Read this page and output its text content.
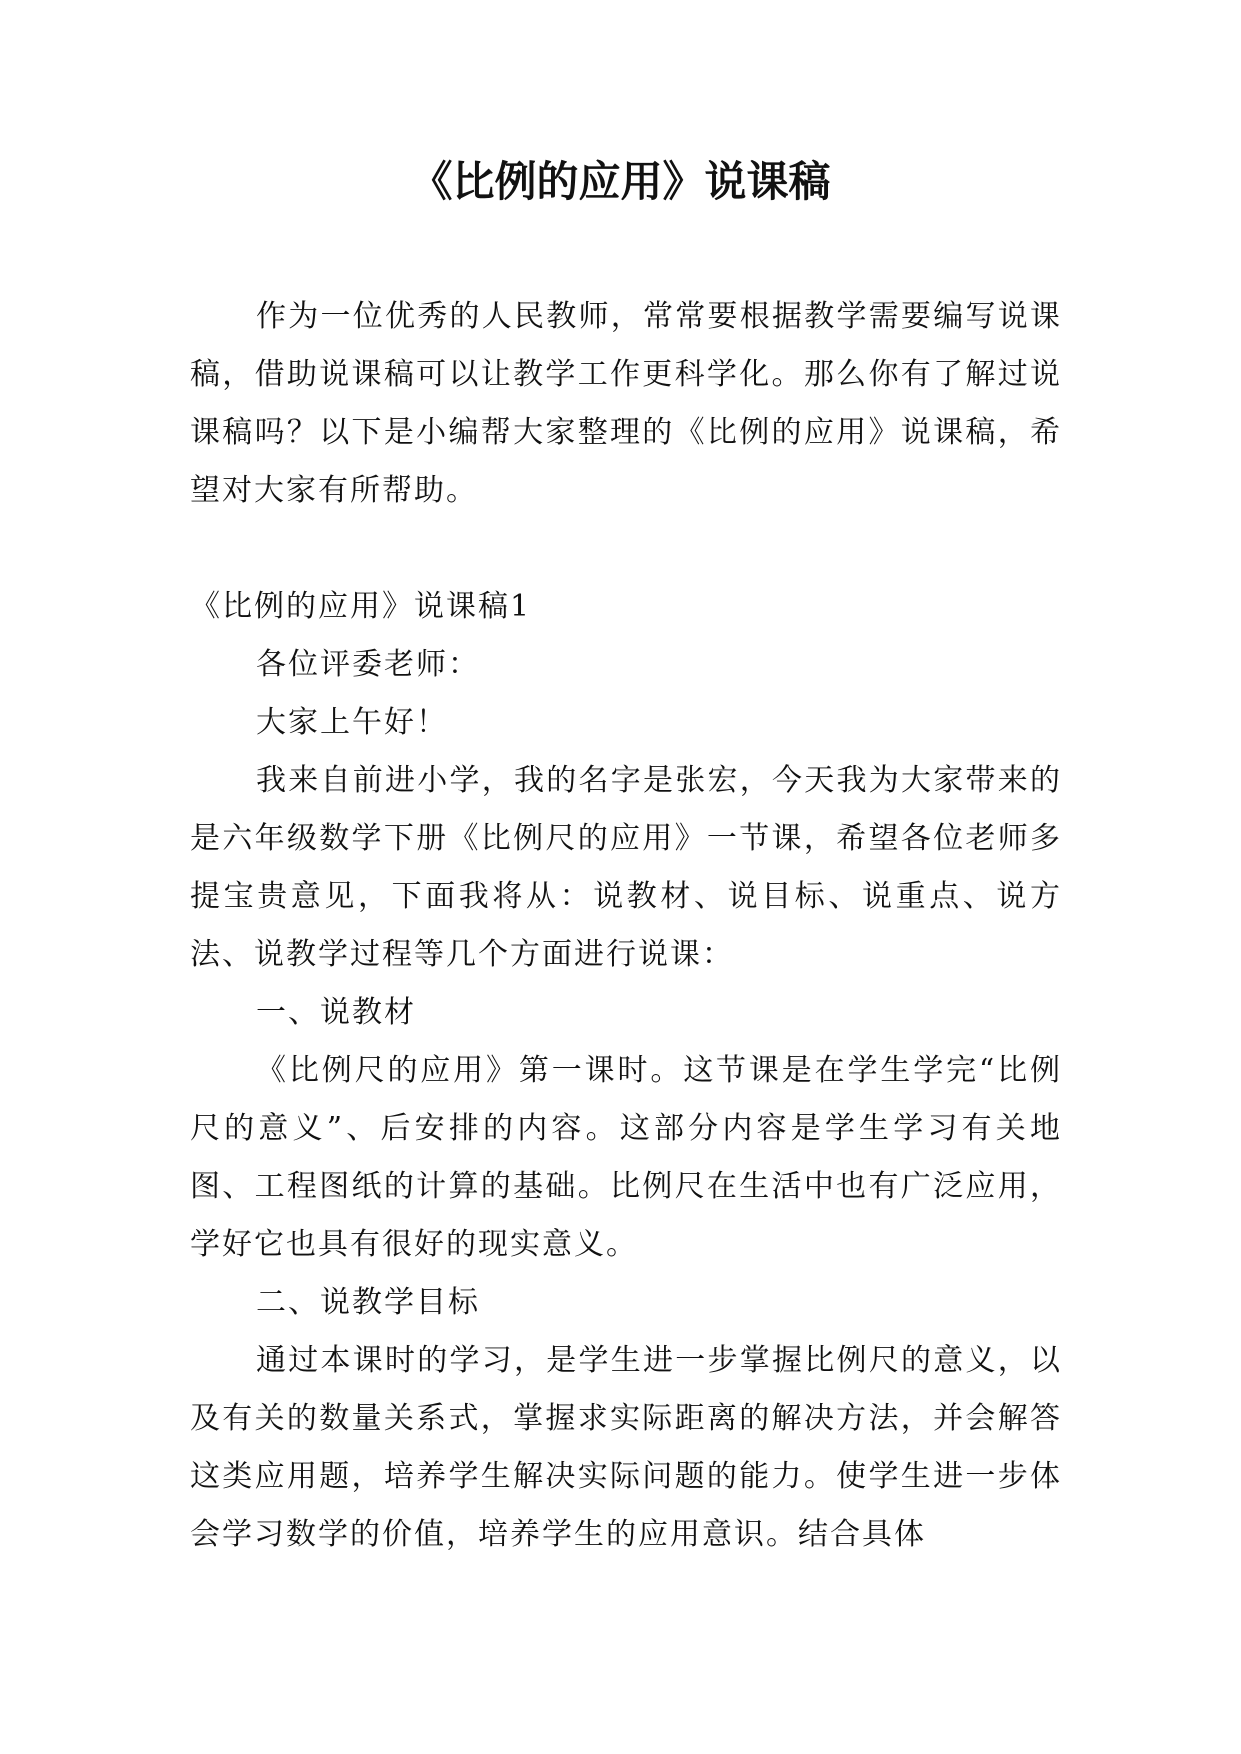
《比例的应用》说课稿

作为一位优秀的人民教师，常常要根据教学需要编写说课稿，借助说课稿可以让教学工作更科学化。那么你有了解过说课稿吗？以下是小编帮大家整理的《比例的应用》说课稿，希望对大家有所帮助。

《比例的应用》说课稿1

各位评委老师：

大家上午好！

我来自前进小学，我的名字是张宏，今天我为大家带来的是六年级数学下册《比例尺的应用》一节课，希望各位老师多提宝贵意见，下面我将从：说教材、说目标、说重点、说方法、说教学过程等几个方面进行说课：

一、说教材

《比例尺的应用》第一课时。这节课是在学生学完“比例尺的意义”、后安排的内容。这部分内容是学生学习有关地图、工程图纸的计算的基础。比例尺在生活中也有广泛应用，学好它也具有很好的现实意义。

二、说教学目标

通过本课时的学习，是学生进一步掌握比例尺的意义，以及有关的数量关系式，掌握求实际距离的解决方法，并会解答这类应用题，培养学生解决实际问题的能力。使学生进一步体会学习数学的价值，培养学生的应用意识。结合具体
